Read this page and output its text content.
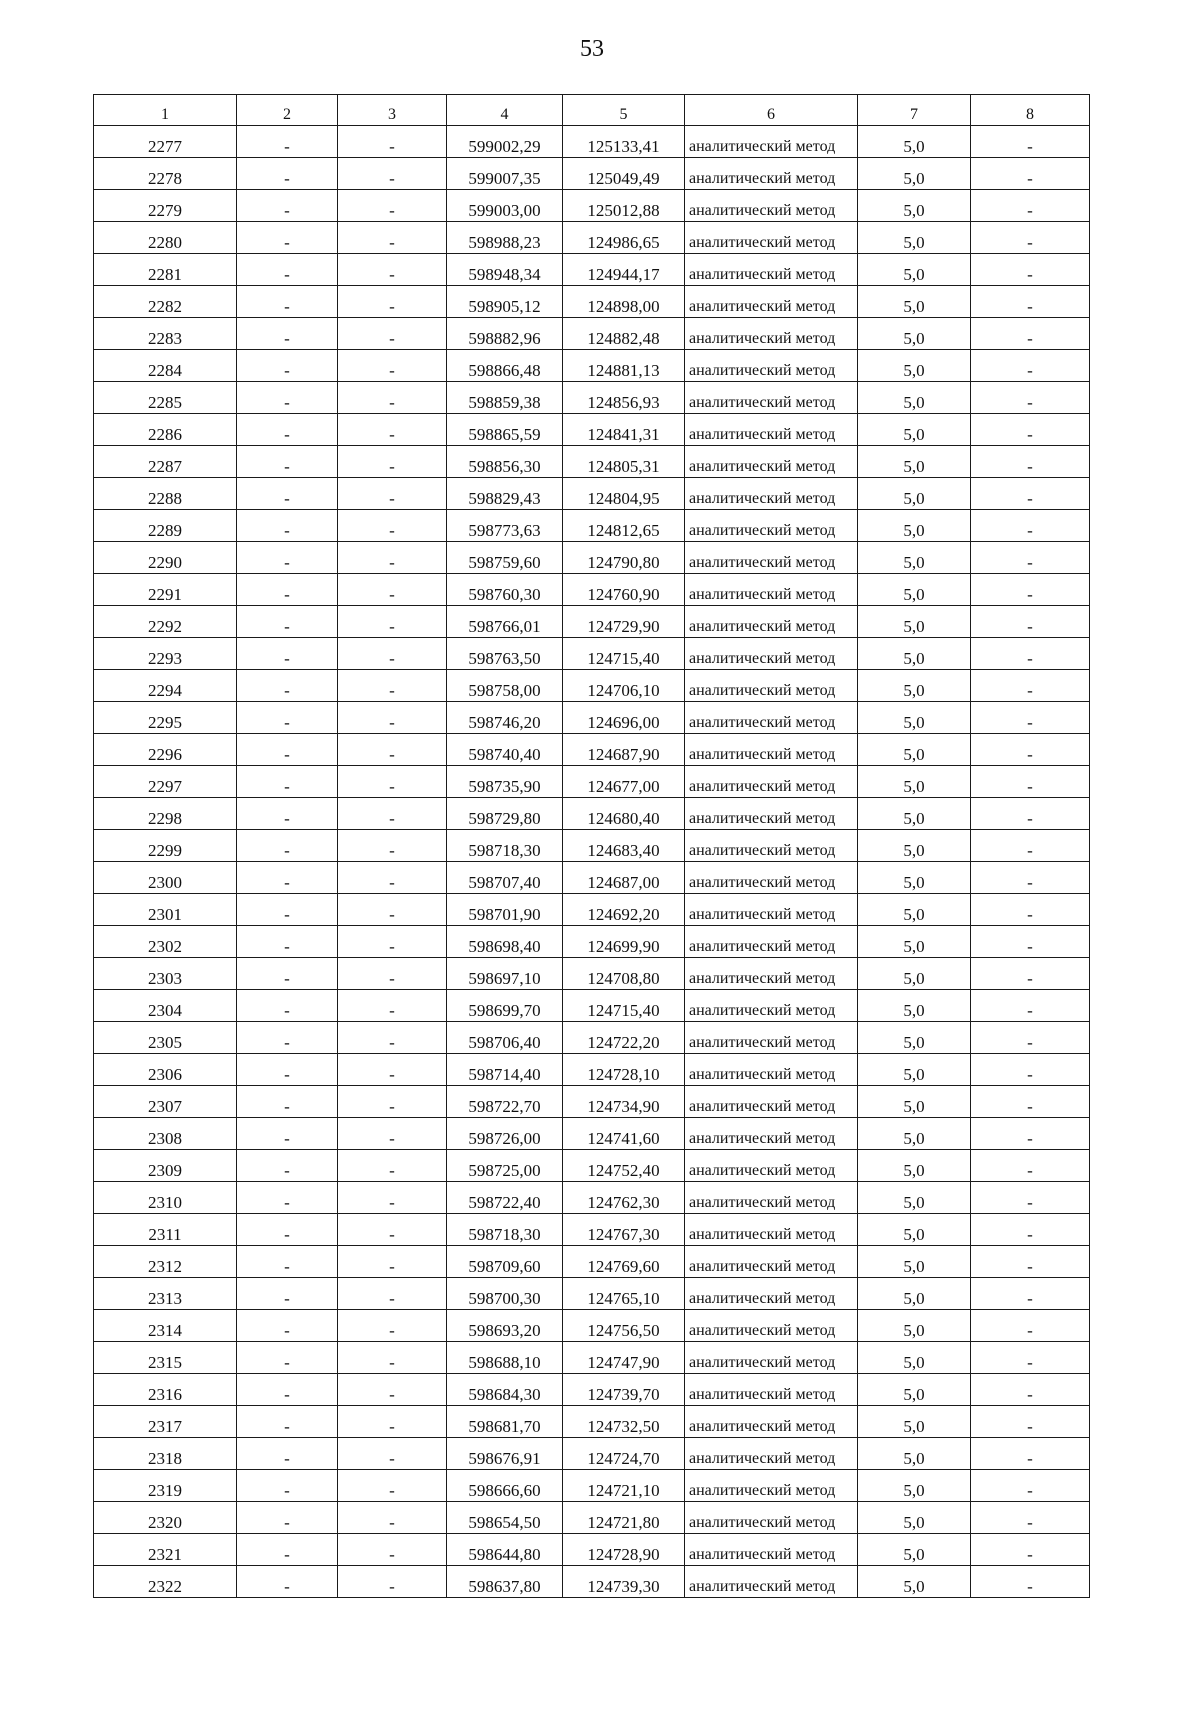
53
1	2	3	4	5	6	7	8
2277	-	-	599002,29	125133,41	аналитический метод	5,0	-
2278	-	-	599007,35	125049,49	аналитический метод	5,0	-
2279	-	-	599003,00	125012,88	аналитический метод	5,0	-
2280	-	-	598988,23	124986,65	аналитический метод	5,0	-
2281	-	-	598948,34	124944,17	аналитический метод	5,0	-
2282	-	-	598905,12	124898,00	аналитический метод	5,0	-
2283	-	-	598882,96	124882,48	аналитический метод	5,0	-
2284	-	-	598866,48	124881,13	аналитический метод	5,0	-
2285	-	-	598859,38	124856,93	аналитический метод	5,0	-
2286	-	-	598865,59	124841,31	аналитический метод	5,0	-
2287	-	-	598856,30	124805,31	аналитический метод	5,0	-
2288	-	-	598829,43	124804,95	аналитический метод	5,0	-
2289	-	-	598773,63	124812,65	аналитический метод	5,0	-
2290	-	-	598759,60	124790,80	аналитический метод	5,0	-
2291	-	-	598760,30	124760,90	аналитический метод	5,0	-
2292	-	-	598766,01	124729,90	аналитический метод	5,0	-
2293	-	-	598763,50	124715,40	аналитический метод	5,0	-
2294	-	-	598758,00	124706,10	аналитический метод	5,0	-
2295	-	-	598746,20	124696,00	аналитический метод	5,0	-
2296	-	-	598740,40	124687,90	аналитический метод	5,0	-
2297	-	-	598735,90	124677,00	аналитический метод	5,0	-
2298	-	-	598729,80	124680,40	аналитический метод	5,0	-
2299	-	-	598718,30	124683,40	аналитический метод	5,0	-
2300	-	-	598707,40	124687,00	аналитический метод	5,0	-
2301	-	-	598701,90	124692,20	аналитический метод	5,0	-
2302	-	-	598698,40	124699,90	аналитический метод	5,0	-
2303	-	-	598697,10	124708,80	аналитический метод	5,0	-
2304	-	-	598699,70	124715,40	аналитический метод	5,0	-
2305	-	-	598706,40	124722,20	аналитический метод	5,0	-
2306	-	-	598714,40	124728,10	аналитический метод	5,0	-
2307	-	-	598722,70	124734,90	аналитический метод	5,0	-
2308	-	-	598726,00	124741,60	аналитический метод	5,0	-
2309	-	-	598725,00	124752,40	аналитический метод	5,0	-
2310	-	-	598722,40	124762,30	аналитический метод	5,0	-
2311	-	-	598718,30	124767,30	аналитический метод	5,0	-
2312	-	-	598709,60	124769,60	аналитический метод	5,0	-
2313	-	-	598700,30	124765,10	аналитический метод	5,0	-
2314	-	-	598693,20	124756,50	аналитический метод	5,0	-
2315	-	-	598688,10	124747,90	аналитический метод	5,0	-
2316	-	-	598684,30	124739,70	аналитический метод	5,0	-
2317	-	-	598681,70	124732,50	аналитический метод	5,0	-
2318	-	-	598676,91	124724,70	аналитический метод	5,0	-
2319	-	-	598666,60	124721,10	аналитический метод	5,0	-
2320	-	-	598654,50	124721,80	аналитический метод	5,0	-
2321	-	-	598644,80	124728,90	аналитический метод	5,0	-
2322	-	-	598637,80	124739,30	аналитический метод	5,0	-
